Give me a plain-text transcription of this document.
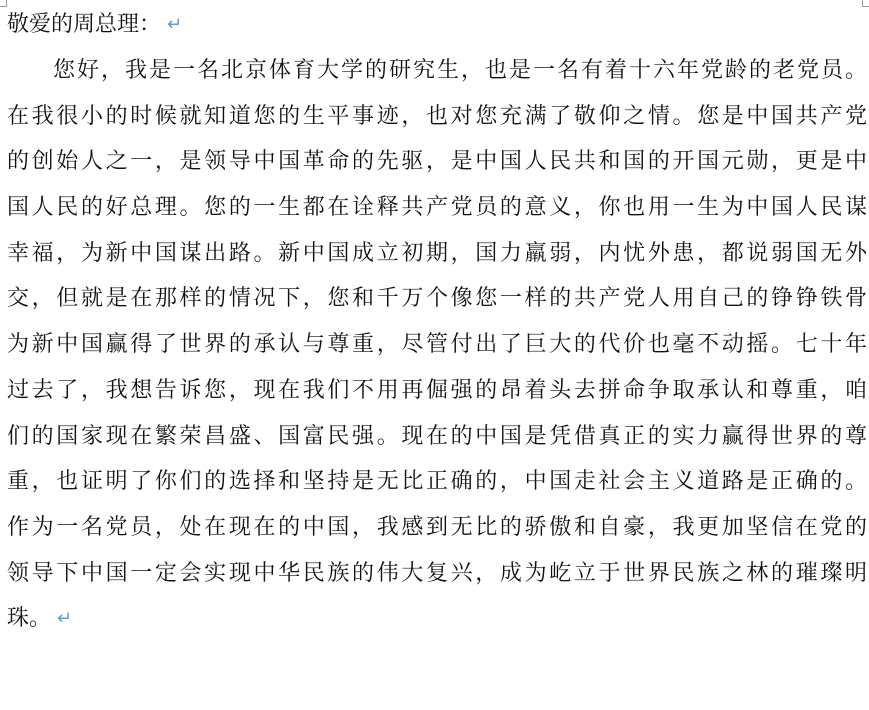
敬爱的周总理： ↵
您好，我是一名北京体育大学的研究生，也是一名有着十六年党龄的老党员。
在我很小的时候就知道您的生平事迹，也对您充满了敬仰之情。您是中国共产党
的创始人之一，是领导中国革命的先驱，是中国人民共和国的开国元勋，更是中
国人民的好总理。您的一生都在诠释共产党员的意义，你也用一生为中国人民谋
幸福，为新中国谋出路。新中国成立初期，国力羸弱，内忧外患，都说弱国无外
交，但就是在那样的情况下，您和千万个像您一样的共产党人用自己的铮铮铁骨
为新中国赢得了世界的承认与尊重，尽管付出了巨大的代价也毫不动摇。七十年
过去了，我想告诉您，现在我们不用再倔强的昂着头去拼命争取承认和尊重，咱
们的国家现在繁荣昌盛、国富民强。现在的中国是凭借真正的实力赢得世界的尊
重，也证明了你们的选择和坚持是无比正确的，中国走社会主义道路是正确的。
作为一名党员，处在现在的中国，我感到无比的骄傲和自豪，我更加坚信在党的
领导下中国一定会实现中华民族的伟大复兴，成为屹立于世界民族之林的璀璨明
珠。 ↵
